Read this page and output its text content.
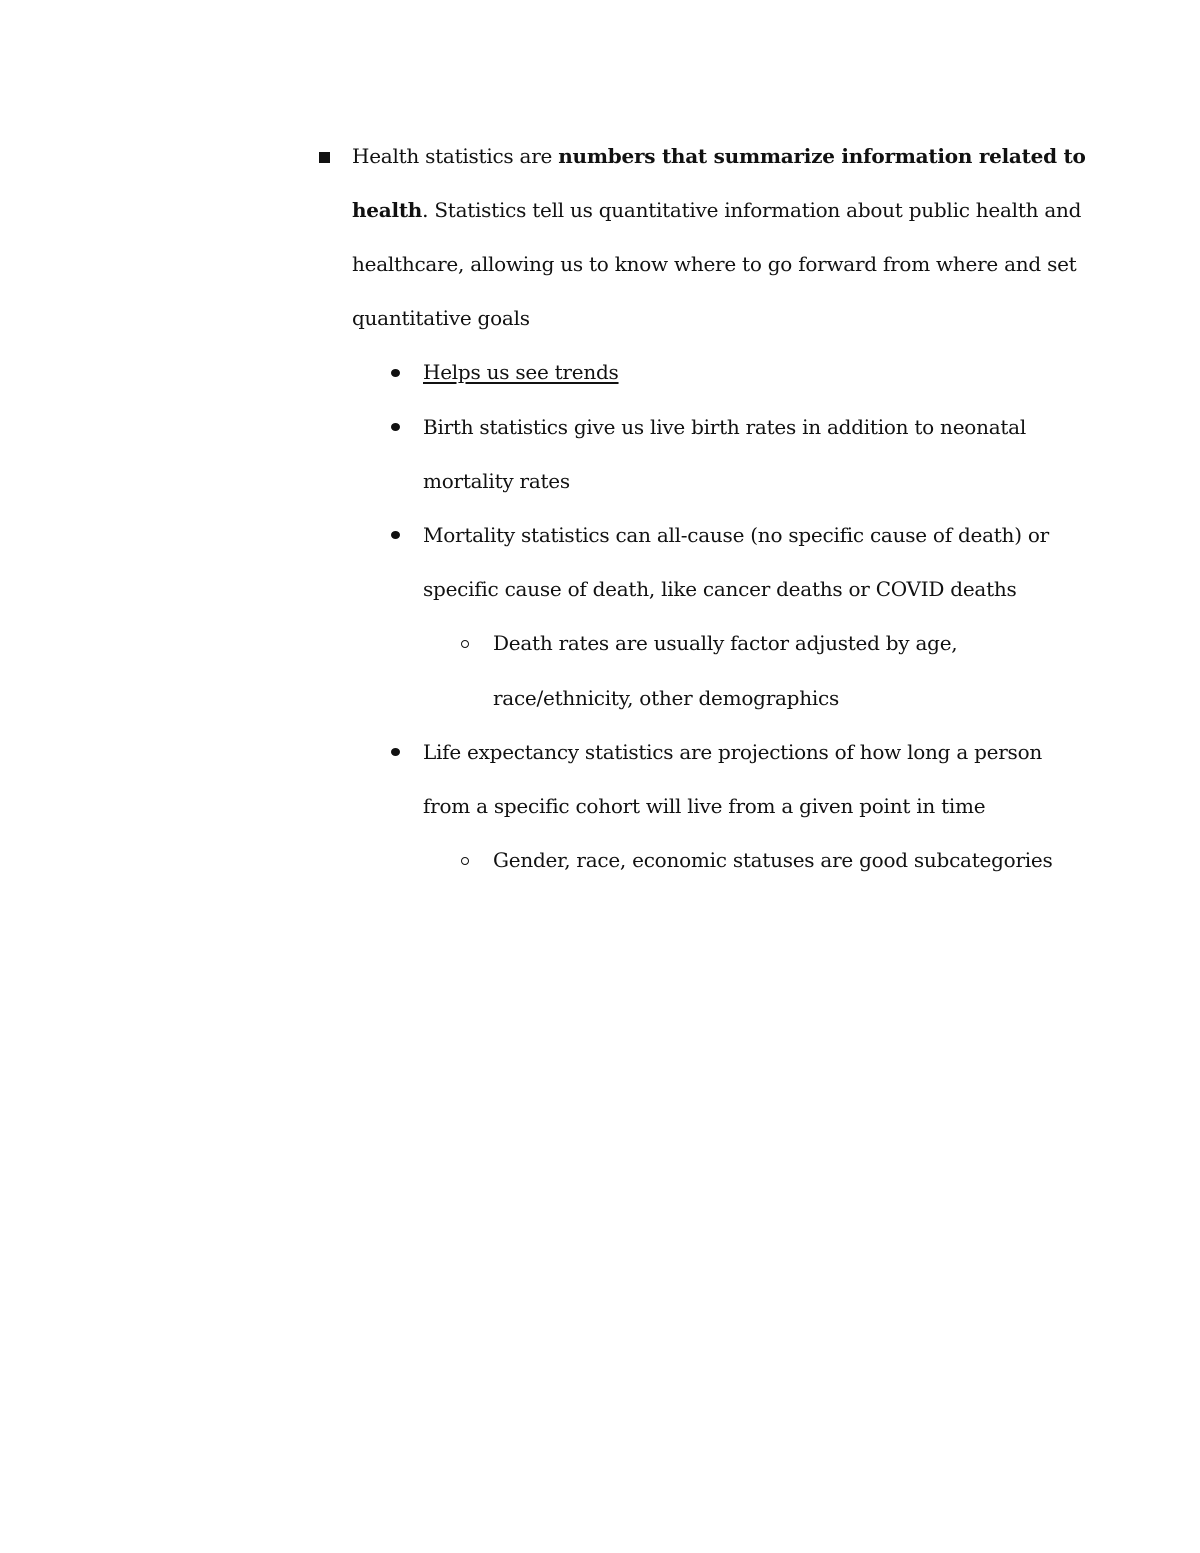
Health statistics are numbers that summarize information related to
health. Statistics tell us quantitative information about public health and
healthcare, allowing us to know where to go forward from where and set
quantitative goals
Helps us see trends
Birth statistics give us live birth rates in addition to neonatal
mortality rates
Mortality statistics can all-cause (no specific cause of death) or
specific cause of death, like cancer deaths or COVID deaths
Death rates are usually factor adjusted by age,
race/ethnicity, other demographics
Life expectancy statistics are projections of how long a person
from a specific cohort will live from a given point in time
Gender, race, economic statuses are good subcategories
